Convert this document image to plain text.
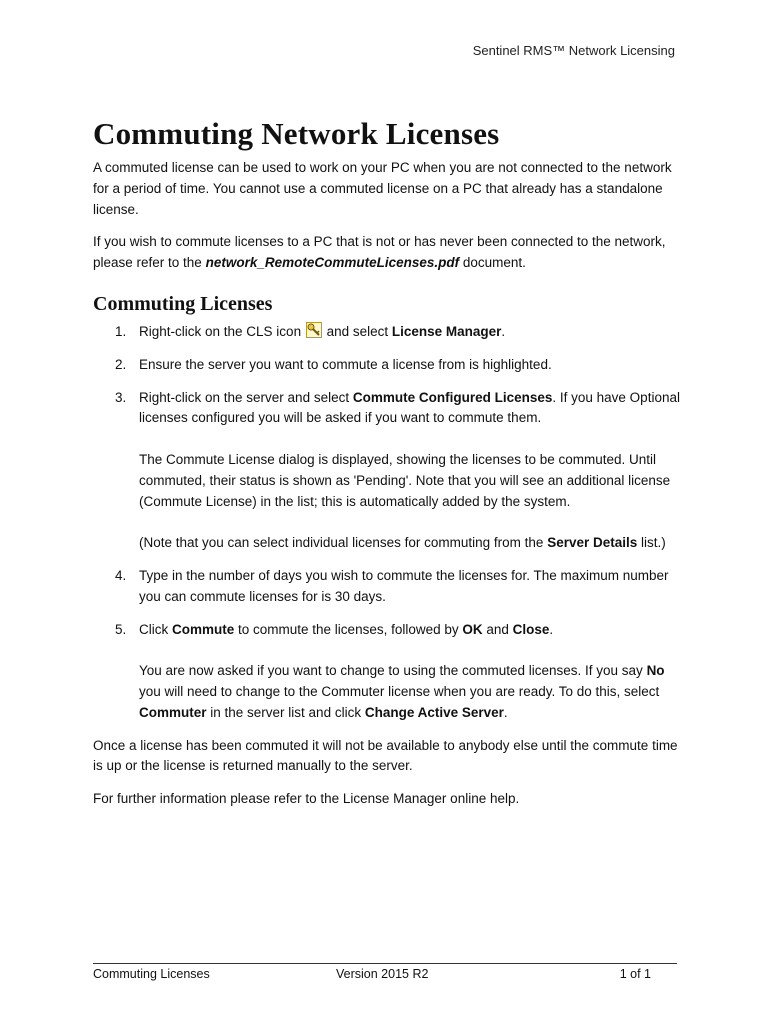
Sentinel RMS™ Network Licensing
Commuting Network Licenses

A commuted license can be used to work on your PC when you are not connected to the network for a period of time. You cannot use a commuted license on a PC that already has a standalone license.

If you wish to commute licenses to a PC that is not or has never been connected to the network, please refer to the network_RemoteCommuteLicenses.pdf document.

Commuting Licenses
1. Right-click on the CLS icon  and select License Manager.

2. Ensure the server you want to commute a license from is highlighted.

3. Right-click on the server and select Commute Configured Licenses. If you have Optional licenses configured you will be asked if you want to commute them.

The Commute License dialog is displayed, showing the licenses to be commuted. Until commuted, their status is shown as 'Pending'. Note that you will see an additional license (Commute License) in the list; this is automatically added by the system.

(Note that you can select individual licenses for commuting from the Server Details list.)

4. Type in the number of days you wish to commute the licenses for. The maximum number you can commute licenses for is 30 days.

5. Click Commute to commute the licenses, followed by OK and Close.

You are now asked if you want to change to using the commuted licenses. If you say No you will need to change to the Commuter license when you are ready. To do this, select Commuter in the server list and click Change Active Server.

Once a license has been commuted it will not be available to anybody else until the commute time is up or the license is returned manually to the server.

For further information please refer to the License Manager online help.

Commuting Licenses	Version 2015 R2	1 of 1
